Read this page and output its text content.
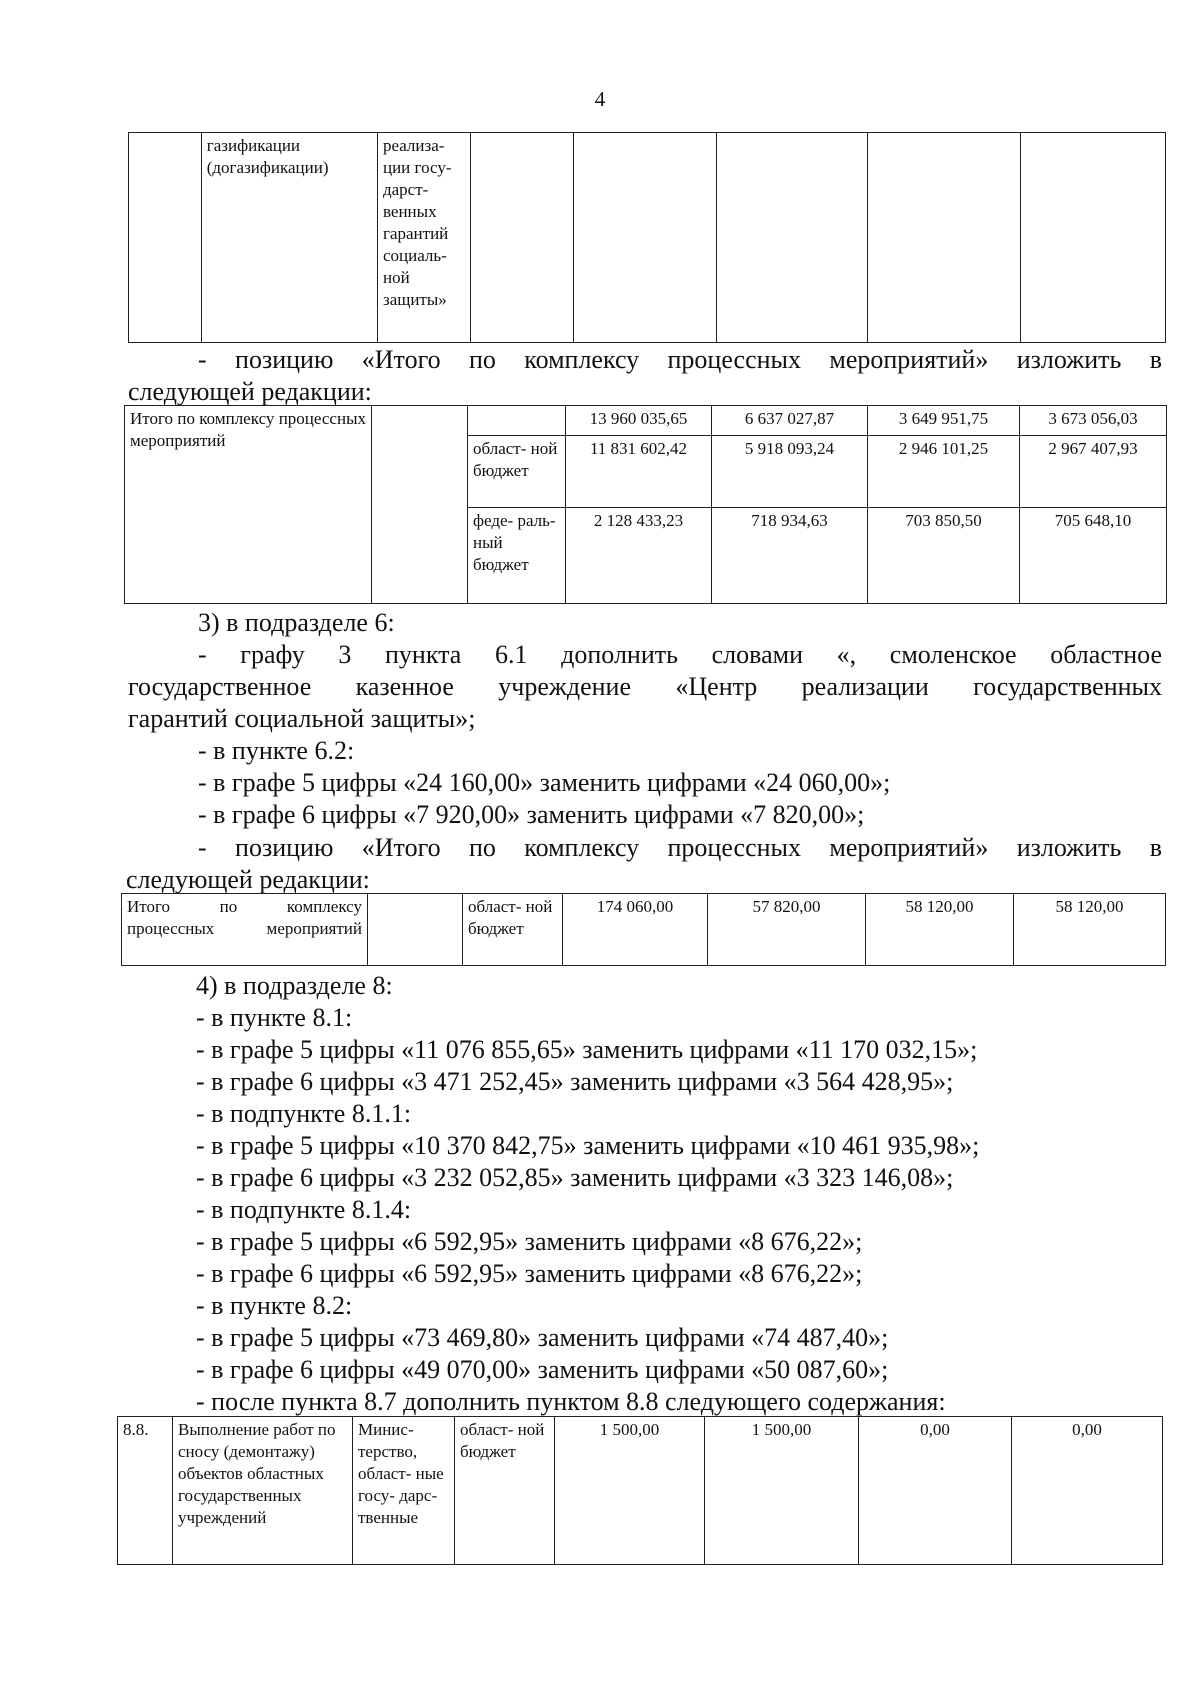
4
	газификации (догазификации)	реализа- ции госу- дарст- венных гарантий социаль- ной защиты»					
- позицию «Итого по комплексу процессных мероприятий» изложить в
следующей редакции:
Итого по комплексу процессных мероприятий			13 960 035,65	6 637 027,87	3 649 951,75	3 673 056,03
		област- ной бюджет	11 831 602,42	5 918 093,24	2 946 101,25	2 967 407,93
		феде- раль- ный бюджет	2 128 433,23	718 934,63	703 850,50	705 648,10
3) в подразделе 6:
- графу 3 пункта 6.1 дополнить словами «, смоленское областное
государственное казенное учреждение «Центр реализации государственных
гарантий социальной защиты»;
- в пункте 6.2:
- в графе 5 цифры «24 160,00» заменить цифрами «24 060,00»;
- в графе 6 цифры «7 920,00» заменить цифрами «7 820,00»;
- позицию «Итого по комплексу процессных мероприятий» изложить в
следующей редакции:
Итого по комплексу процессных мероприятий		област- ной бюджет	174 060,00	57 820,00	58 120,00	58 120,00
4) в подразделе 8:
- в пункте 8.1:
- в графе 5 цифры «11 076 855,65» заменить цифрами «11 170 032,15»;
- в графе 6 цифры «3 471 252,45» заменить цифрами «3 564 428,95»;
- в подпункте 8.1.1:
- в графе 5 цифры «10 370 842,75» заменить цифрами «10 461 935,98»;
- в графе 6 цифры «3 232 052,85» заменить цифрами «3 323 146,08»;
- в подпункте 8.1.4:
- в графе 5 цифры «6 592,95» заменить цифрами «8 676,22»;
- в графе 6 цифры «6 592,95» заменить цифрами «8 676,22»;
- в пункте 8.2:
- в графе 5 цифры «73 469,80» заменить цифрами «74 487,40»;
- в графе 6 цифры «49 070,00» заменить цифрами «50 087,60»;
- после пункта 8.7 дополнить пунктом 8.8 следующего содержания:
8.8.	Выполнение работ по сносу (демонтажу) объектов областных государственных учреждений	Минис- терство, област- ные госу- дарс- твенные	област- ной бюджет	1 500,00	1 500,00	0,00	0,00
